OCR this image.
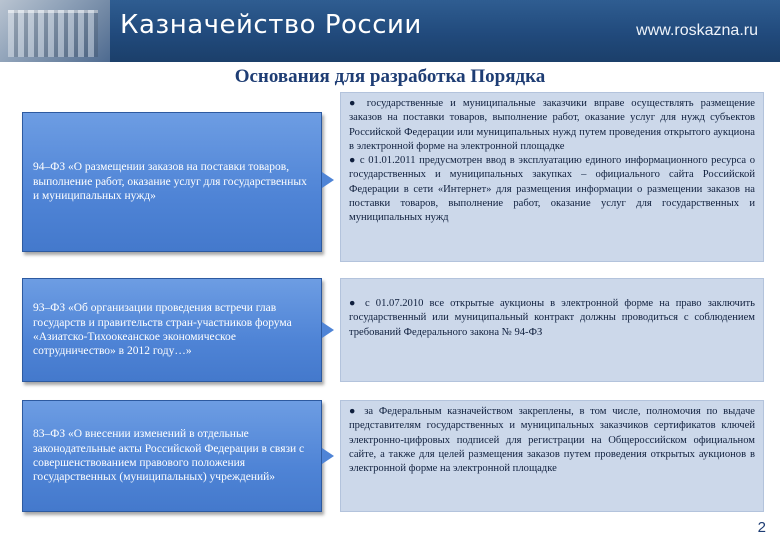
Казначейство России	www.roskazna.ru
Основания для разработка Порядка
94–ФЗ «О размещении заказов на поставки товаров, выполнение работ, оказание услуг для государственных и муниципальных нужд»

● государственные и муниципальные заказчики вправе осуществлять размещение заказов на поставки товаров, выполнение работ, оказание услуг для нужд субъектов Российской Федерации или муниципальных нужд путем проведения открытого аукциона в электронной форме на электронной площадке

● с 01.01.2011 предусмотрен ввод в эксплуатацию единого информационного ресурса о государственных и муниципальных закупках – официального сайта Российской Федерации в сети «Интернет» для размещения информации о размещении заказов на поставки товаров, выполнение работ, оказание услуг для государственных и муниципальных нужд

93–ФЗ «Об организации проведения встречи глав государств и правительств стран-участников форума «Азиатско-Тихоокеанское экономическое сотрудничество» в 2012 году…»

● с 01.07.2010 все открытые аукционы в электронной форме на право заключить государственный или муниципальный контракт должны проводиться с соблюдением требований Федерального закона № 94-ФЗ

83–ФЗ «О внесении изменений в отдельные законодательные акты Российской Федерации в связи с совершенствованием правового положения государственных (муниципальных) учреждений»

● за Федеральным казначейством закреплены, в том числе, полномочия по выдаче представителям государственных и муниципальных заказчиков сертификатов ключей электронно-цифровых подписей для регистрации на Общероссийском официальном сайте, а также для целей размещения заказов путем проведения открытых аукционов в электронной форме на электронной площадке

2
